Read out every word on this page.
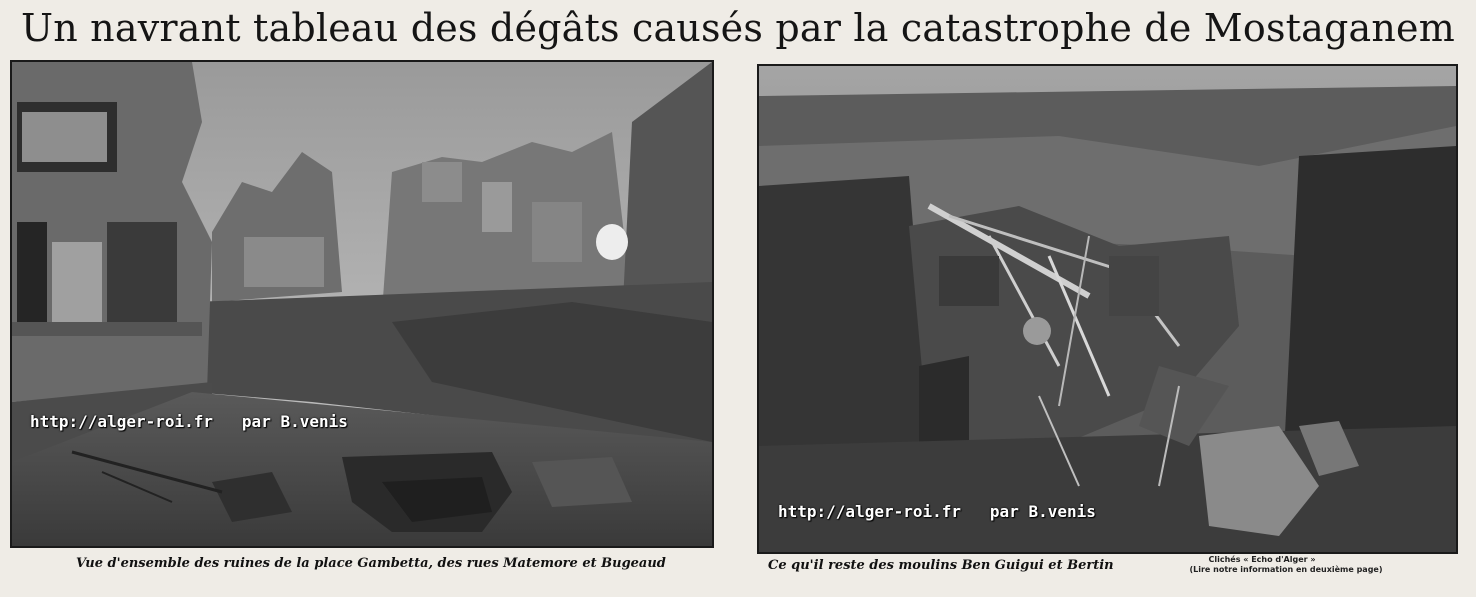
Un navrant tableau des dégâts causés par la catastrophe de Mostaganem
http://alger-roi.fr   par B.venis
http://alger-roi.fr   par B.venis
Vue d'ensemble des ruines de la place Gambetta, des rues Matemore et Bugeaud	Ce qu'il reste des moulins Ben Guigui et Bertin	Clichés « Echo d'Alger »
(Lire notre information en deuxième page)
